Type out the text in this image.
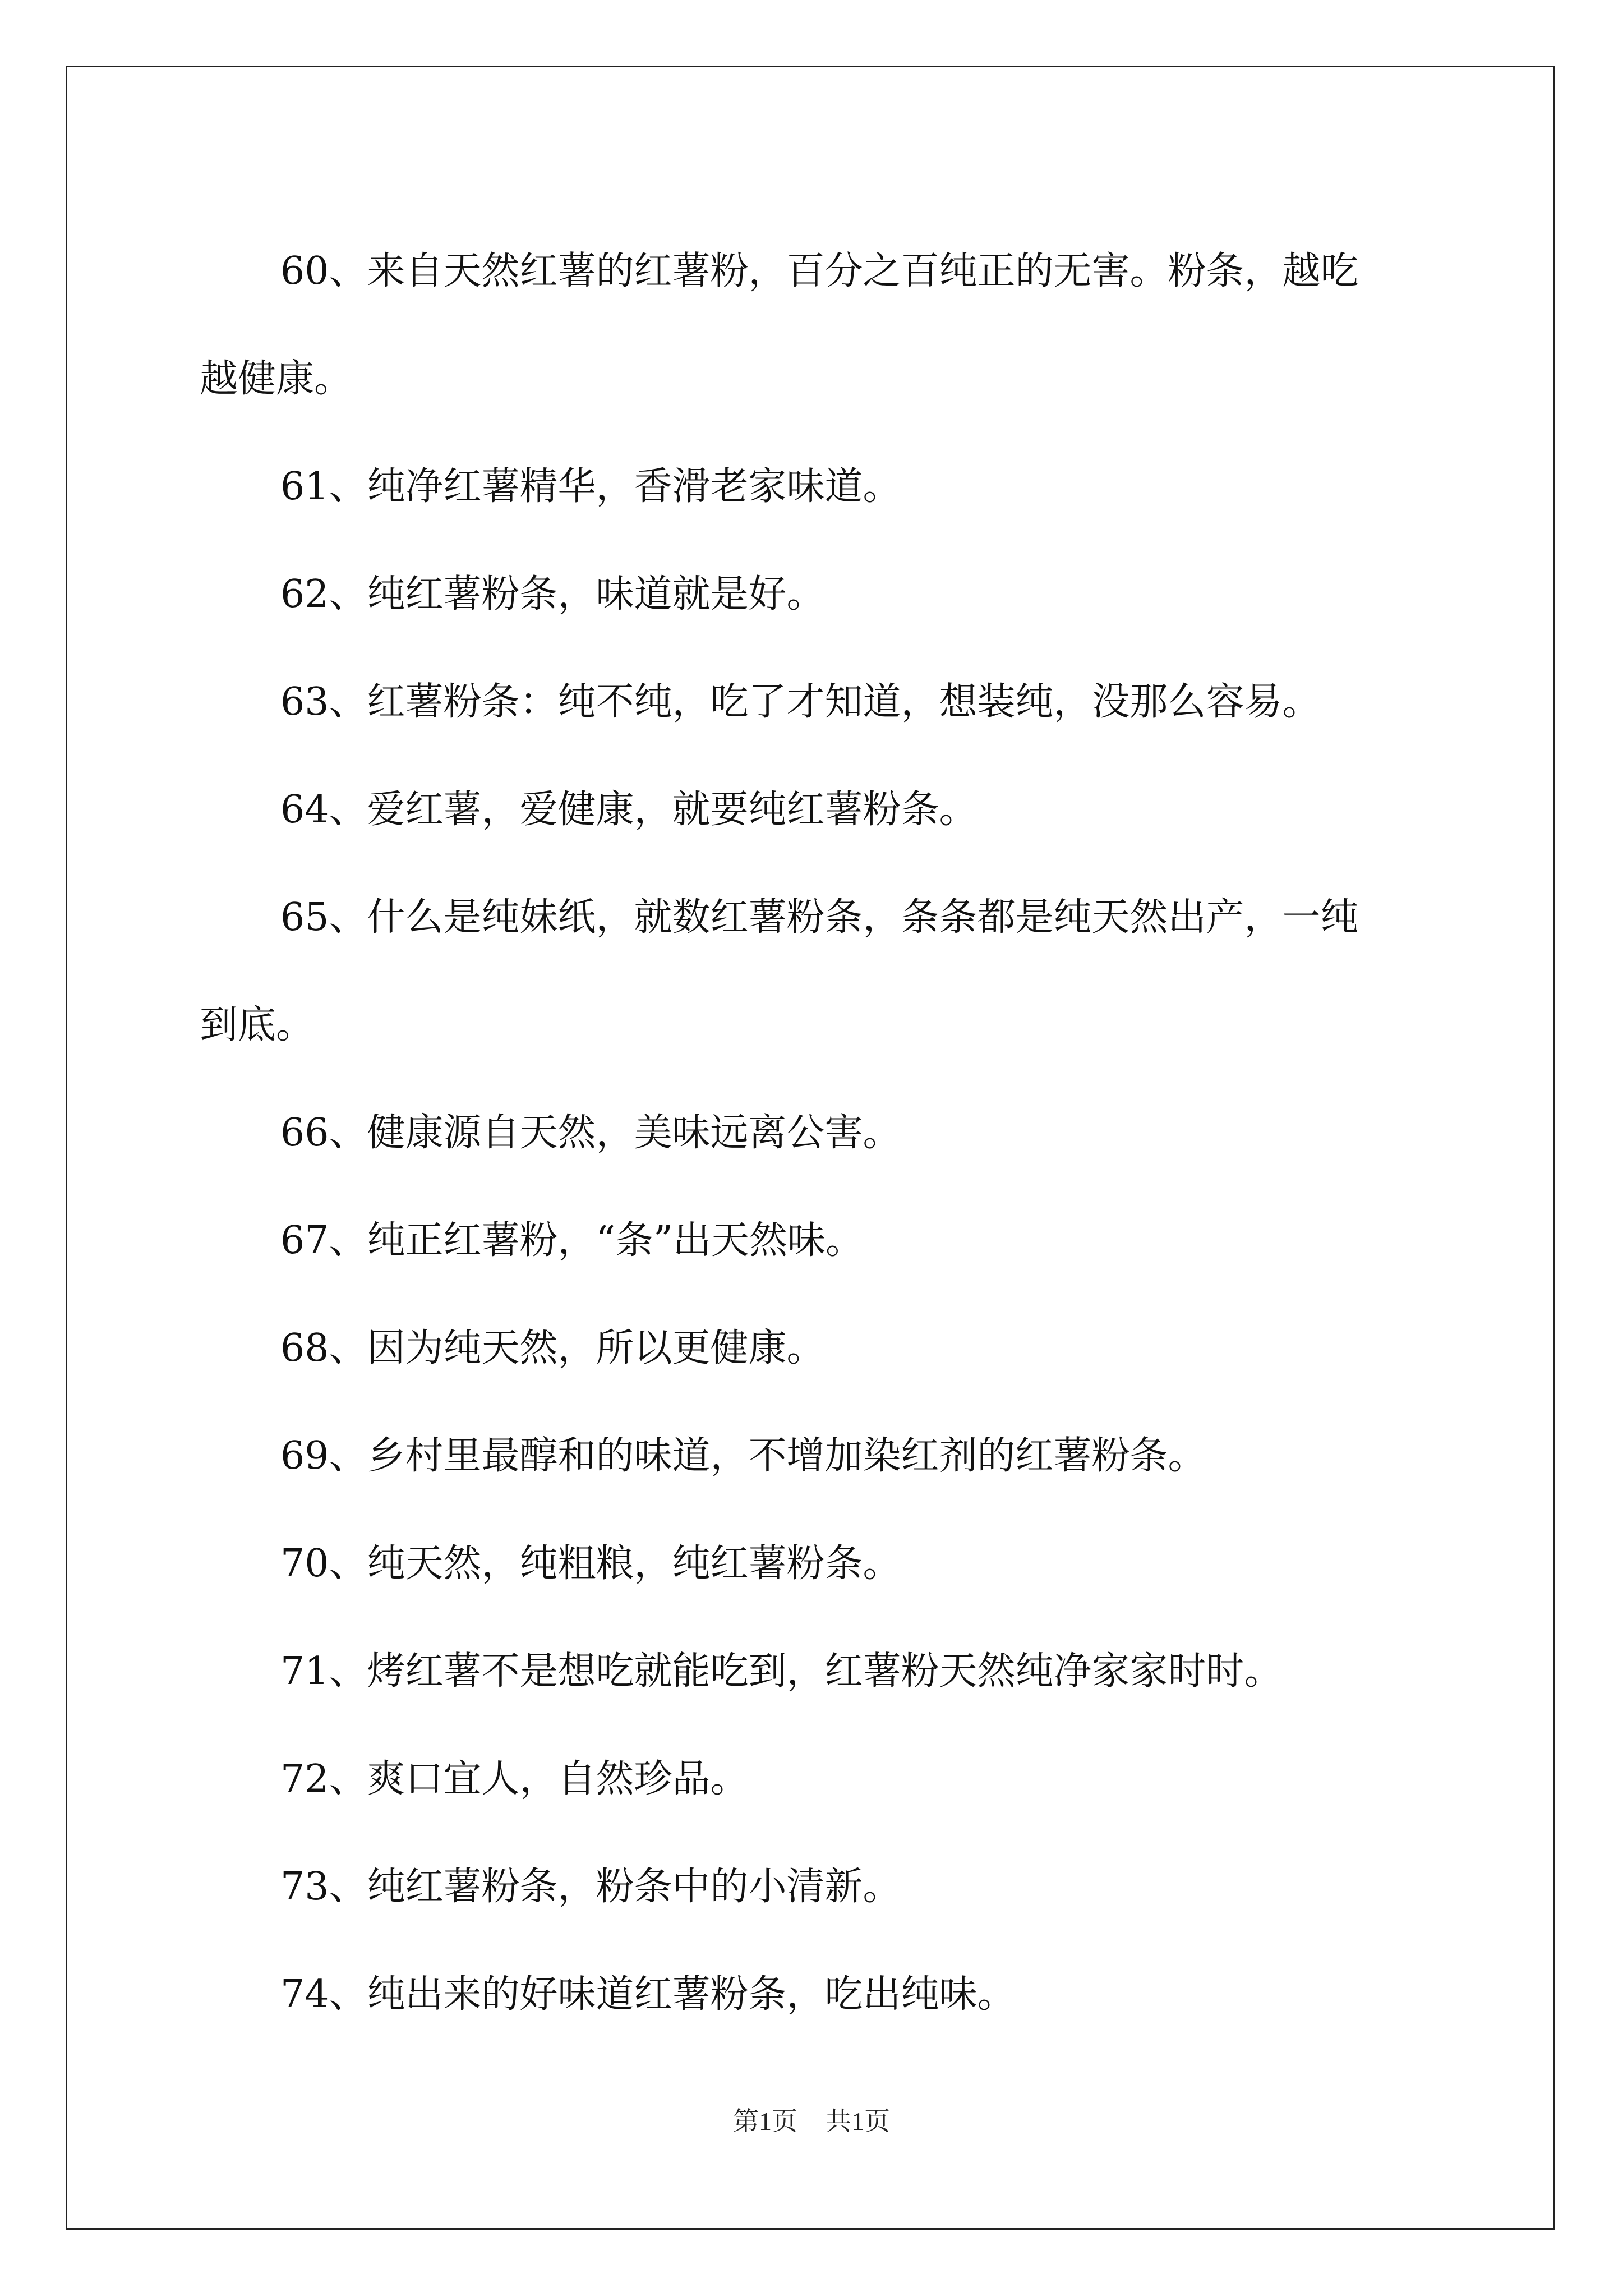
60、来自天然红薯的红薯粉，百分之百纯正的无害。粉条，越吃
越健康。

61、纯净红薯精华，香滑老家味道。

62、纯红薯粉条，味道就是好。

63、红薯粉条：纯不纯，吃了才知道，想装纯，没那么容易。

64、爱红薯，爱健康，就要纯红薯粉条。

65、什么是纯妹纸，就数红薯粉条，条条都是纯天然出产，一纯
到底。

66、健康源自天然，美味远离公害。

67、纯正红薯粉，“条”出天然味。

68、因为纯天然，所以更健康。

69、乡村里最醇和的味道，不增加染红剂的红薯粉条。

70、纯天然，纯粗粮，纯红薯粉条。

71、烤红薯不是想吃就能吃到，红薯粉天然纯净家家时时。

72、爽口宜人，自然珍品。

73、纯红薯粉条，粉条中的小清新。

74、纯出来的好味道红薯粉条，吃出纯味。

第1页 共1页
